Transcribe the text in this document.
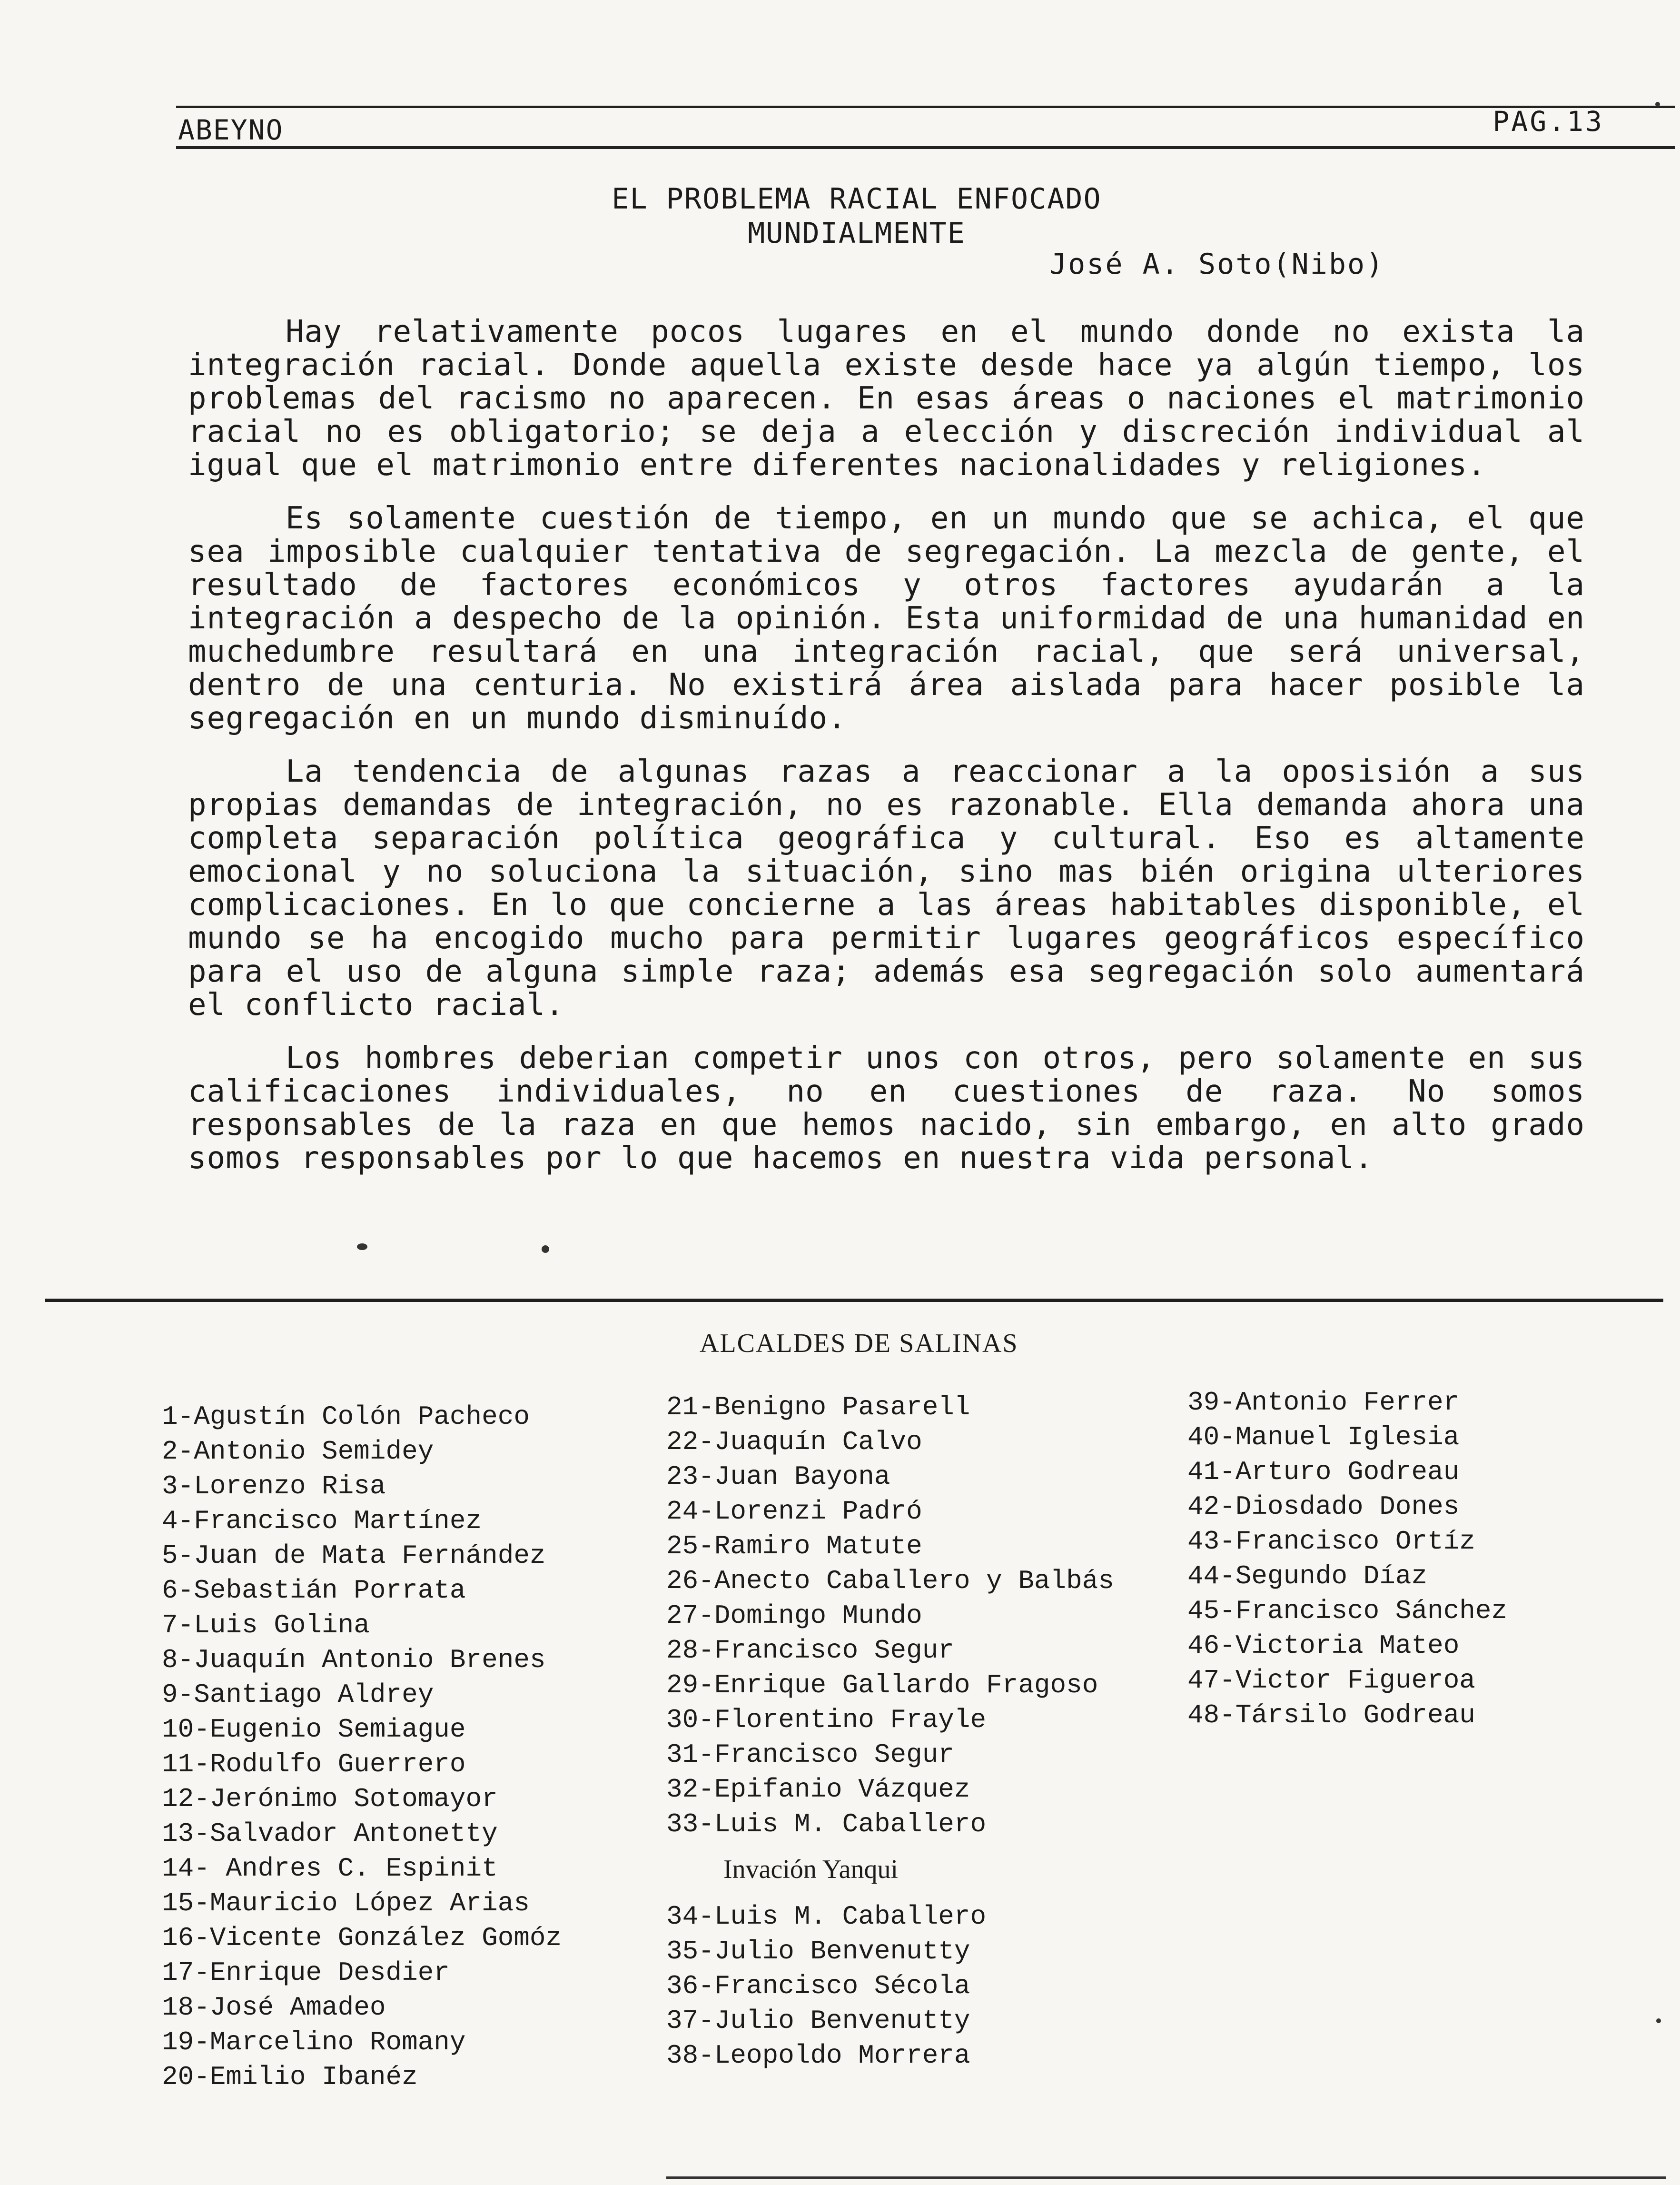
ABEYNO	PAG.13
EL PROBLEMA RACIAL ENFOCADO
MUNDIALMENTE
José A. Soto(Nibo)

Hay relativamente pocos lugares en el mundo donde no exista la integración racial. Donde aquella existe desde hace ya algún tiempo, los problemas del racismo no aparecen. En esas áreas o naciones el matrimonio racial no es obligatorio; se deja a elección y discreción individual al igual que el matrimonio entre diferentes nacionalidades y religiones.

Es solamente cuestión de tiempo, en un mundo que se achica, el que sea imposible cualquier tentativa de segregación. La mezcla de gente, el resultado de factores económicos y otros factores ayudarán a la integración a despecho de la opinión. Esta uniformidad de una humanidad en muchedumbre resultará en una integración racial, que será universal, dentro de una centuria. No existirá área aislada para hacer posible la segregación en un mundo disminuído.

La tendencia de algunas razas a reaccionar a la oposisión a sus propias demandas de integración, no es razonable. Ella demanda ahora una completa separación política geográfica y cultural. Eso es altamente emocional y no soluciona la situación, sino mas bién origina ulteriores complicaciones. En lo que concierne a las áreas habitables disponible, el mundo se ha encogido mucho para permitir lugares geográficos específico para el uso de alguna simple raza; además esa segregación solo aumentará el conflicto racial.

Los hombres deberian competir unos con otros, pero solamente en sus calificaciones individuales, no en cuestiones de raza. No somos responsables de la raza en que hemos nacido, sin embargo, en alto grado somos responsables por lo que hacemos en nuestra vida personal.

ALCALDES DE SALINAS
1-Agustín Colón Pacheco
2-Antonio Semidey
3-Lorenzo Risa
4-Francisco Martínez
5-Juan de Mata Fernández
6-Sebastián Porrata
7-Luis Golina
8-Juaquín Antonio Brenes
9-Santiago Aldrey
10-Eugenio Semiague
11-Rodulfo Guerrero
12-Jerónimo Sotomayor
13-Salvador Antonetty
14- Andres C. Espinit
15-Mauricio López Arias
16-Vicente González Gomóz
17-Enrique Desdier
18-José Amadeo
19-Marcelino Romany
20-Emilio Ibanéz
21-Benigno Pasarell
22-Juaquín Calvo
23-Juan Bayona
24-Lorenzi Padró
25-Ramiro Matute
26-Anecto Caballero y Balbás
27-Domingo Mundo
28-Francisco Segur
29-Enrique Gallardo Fragoso
30-Florentino Frayle
31-Francisco Segur
32-Epifanio Vázquez
33-Luis M. Caballero
Invación Yanqui
34-Luis M. Caballero
35-Julio Benvenutty
36-Francisco Sécola
37-Julio Benvenutty
38-Leopoldo Morrera
39-Antonio Ferrer
40-Manuel Iglesia
41-Arturo Godreau
42-Diosdado Dones
43-Francisco Ortíz
44-Segundo Díaz
45-Francisco Sánchez
46-Victoria Mateo
47-Victor Figueroa
48-Társilo Godreau
